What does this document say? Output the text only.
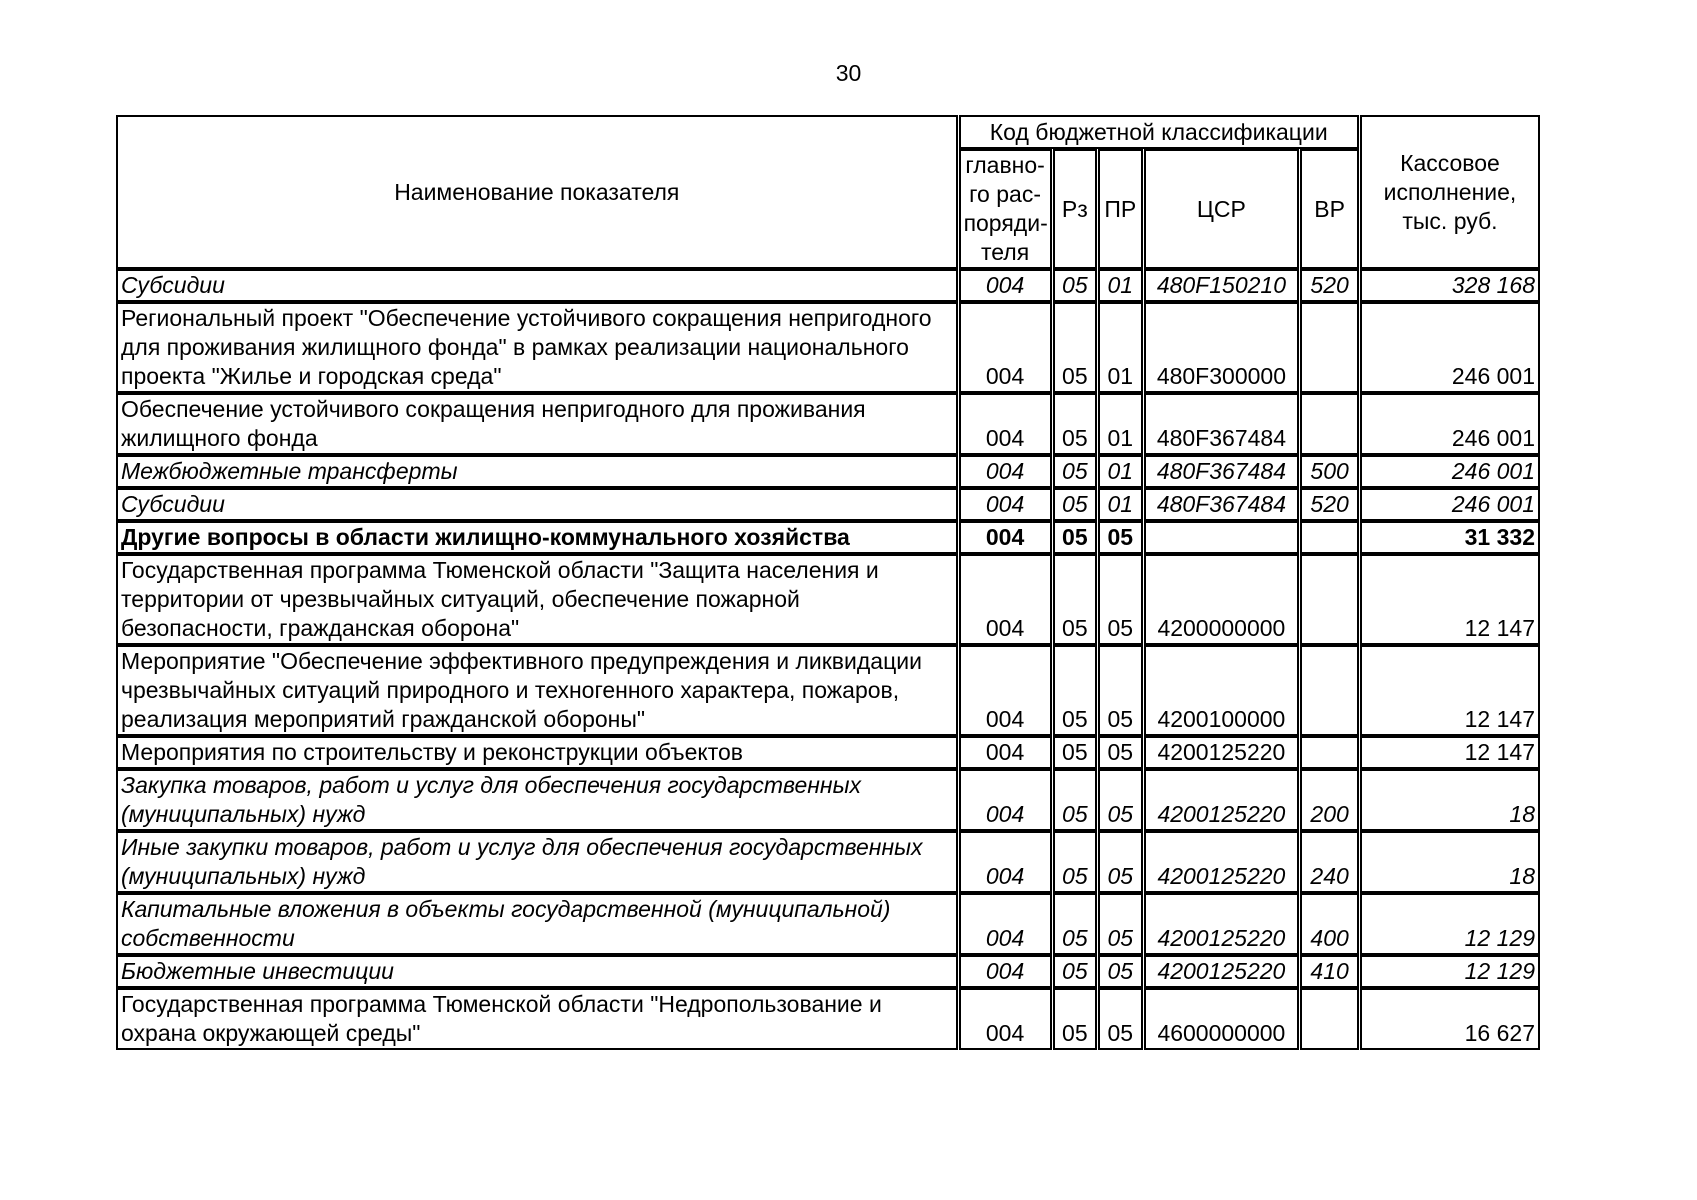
30
Наименование показателя	Код бюджетной классификации					Кассовое
исполнение,
тыс. руб.

	главно-
го рас-
поряди-
теля	Рз	ПР	ЦСР	ВР	
Субсидии	004	05	01	480F150210	520	328 168
Региональный проект "Обеспечение устойчивого сокращения непригодного для проживания жилищного фонда" в рамках реализации национального проекта "Жилье и городская среда"	004	05	01	480F300000		246 001
Обеспечение устойчивого сокращения непригодного для проживания жилищного фонда	004	05	01	480F367484		246 001
Межбюджетные трансферты	004	05	01	480F367484	500	246 001
Субсидии	004	05	01	480F367484	520	246 001
Другие вопросы в области жилищно-коммунального хозяйства	004	05	05			31 332
Государственная программа Тюменской области "Защита населения и территории от чрезвычайных ситуаций, обеспечение пожарной безопасности, гражданская оборона"	004	05	05	4200000000		12 147
Мероприятие "Обеспечение эффективного предупреждения и ликвидации чрезвычайных ситуаций природного и техногенного характера, пожаров, реализация мероприятий гражданской обороны"	004	05	05	4200100000		12 147
Мероприятия по строительству и реконструкции объектов	004	05	05	4200125220		12 147
Закупка товаров, работ и услуг для обеспечения государственных (муниципальных) нужд	004	05	05	4200125220	200	18
Иные закупки товаров, работ и услуг для обеспечения государственных (муниципальных) нужд	004	05	05	4200125220	240	18
Капитальные вложения в объекты государственной (муниципальной) собственности	004	05	05	4200125220	400	12 129
Бюджетные инвестиции	004	05	05	4200125220	410	12 129
Государственная программа Тюменской области "Недропользование и охрана окружающей среды"	004	05	05	4600000000		16 627
